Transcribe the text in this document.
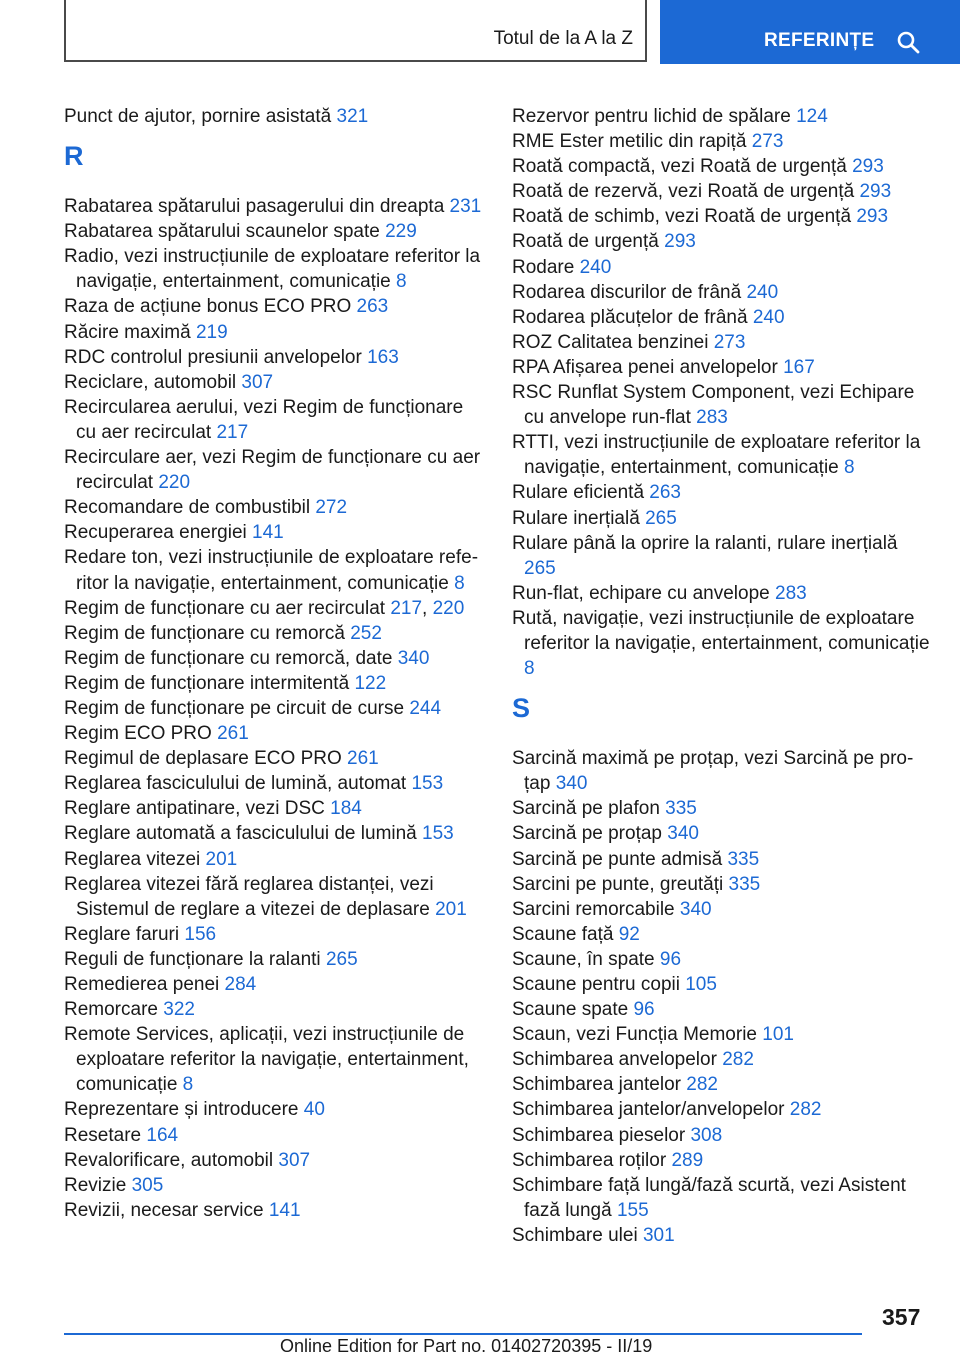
Totul de la A la Z	REFERINȚE
Punct de ajutor, pornire asistată 321
R
Rabatarea spătarului pasagerului din dreapta 231
Rabatarea spătarului scaunelor spate 229
Radio, vezi instrucțiunile de exploatare referitor la navigație, entertainment, comunicație 8
Raza de acțiune bonus ECO PRO 263
Răcire maximă 219
RDC controlul presiunii anvelopelor 163
Reciclare, automobil 307
Recircularea aerului, vezi Regim de funcționare cu aer recirculat 217
Recirculare aer, vezi Regim de funcționare cu aer recirculat 220
Recomandare de combustibil 272
Recuperarea energiei 141
Redare ton, vezi instrucțiunile de exploatare referitor la navigație, entertainment, comunicație 8
Regim de funcționare cu aer recirculat 217, 220
Regim de funcționare cu remorcă 252
Regim de funcționare cu remorcă, date 340
Regim de funcționare intermitentă 122
Regim de funcționare pe circuit de curse 244
Regim ECO PRO 261
Regimul de deplasare ECO PRO 261
Reglarea fasciculului de lumină, automat 153
Reglare antipatinare, vezi DSC 184
Reglare automată a fasciculului de lumină 153
Reglarea vitezei 201
Reglarea vitezei fără reglarea distanței, vezi Sistemul de reglare a vitezei de deplasare 201
Reglare faruri 156
Reguli de funcționare la ralanti 265
Remedierea penei 284
Remorcare 322
Remote Services, aplicații, vezi instrucțiunile de exploatare referitor la navigație, entertainment, comunicație 8
Reprezentare și introducere 40
Resetare 164
Revalorificare, automobil 307
Revizie 305
Revizii, necesar service 141
Rezervor pentru lichid de spălare 124
RME Ester metilic din rapiță 273
Roată compactă, vezi Roată de urgență 293
Roată de rezervă, vezi Roată de urgență 293
Roată de schimb, vezi Roată de urgență 293
Roată de urgență 293
Rodare 240
Rodarea discurilor de frână 240
Rodarea plăcuțelor de frână 240
ROZ Calitatea benzinei 273
RPA Afișarea penei anvelopelor 167
RSC Runflat System Component, vezi Echipare cu anvelope run-flat 283
RTTI, vezi instrucțiunile de exploatare referitor la navigație, entertainment, comunicație 8
Rulare eficientă 263
Rulare inerțială 265
Rulare până la oprire la ralanti, rulare inerțială 265
Run-flat, echipare cu anvelope 283
Rută, navigație, vezi instrucțiunile de exploatare referitor la navigație, entertainment, comunicație 8
S
Sarcină maximă pe proțap, vezi Sarcină pe proțap 340
Sarcină pe plafon 335
Sarcină pe proțap 340
Sarcină pe punte admisă 335
Sarcini pe punte, greutăți 335
Sarcini remorcabile 340
Scaune față 92
Scaune, în spate 96
Scaune pentru copii 105
Scaune spate 96
Scaun, vezi Funcția Memorie 101
Schimbarea anvelopelor 282
Schimbarea jantelor 282
Schimbarea jantelor/anvelopelor 282
Schimbarea pieselor 308
Schimbarea roților 289
Schimbare față lungă/fază scurtă, vezi Asistent fază lungă 155
Schimbare ulei 301
357
Online Edition for Part no. 01402720395 - II/19
